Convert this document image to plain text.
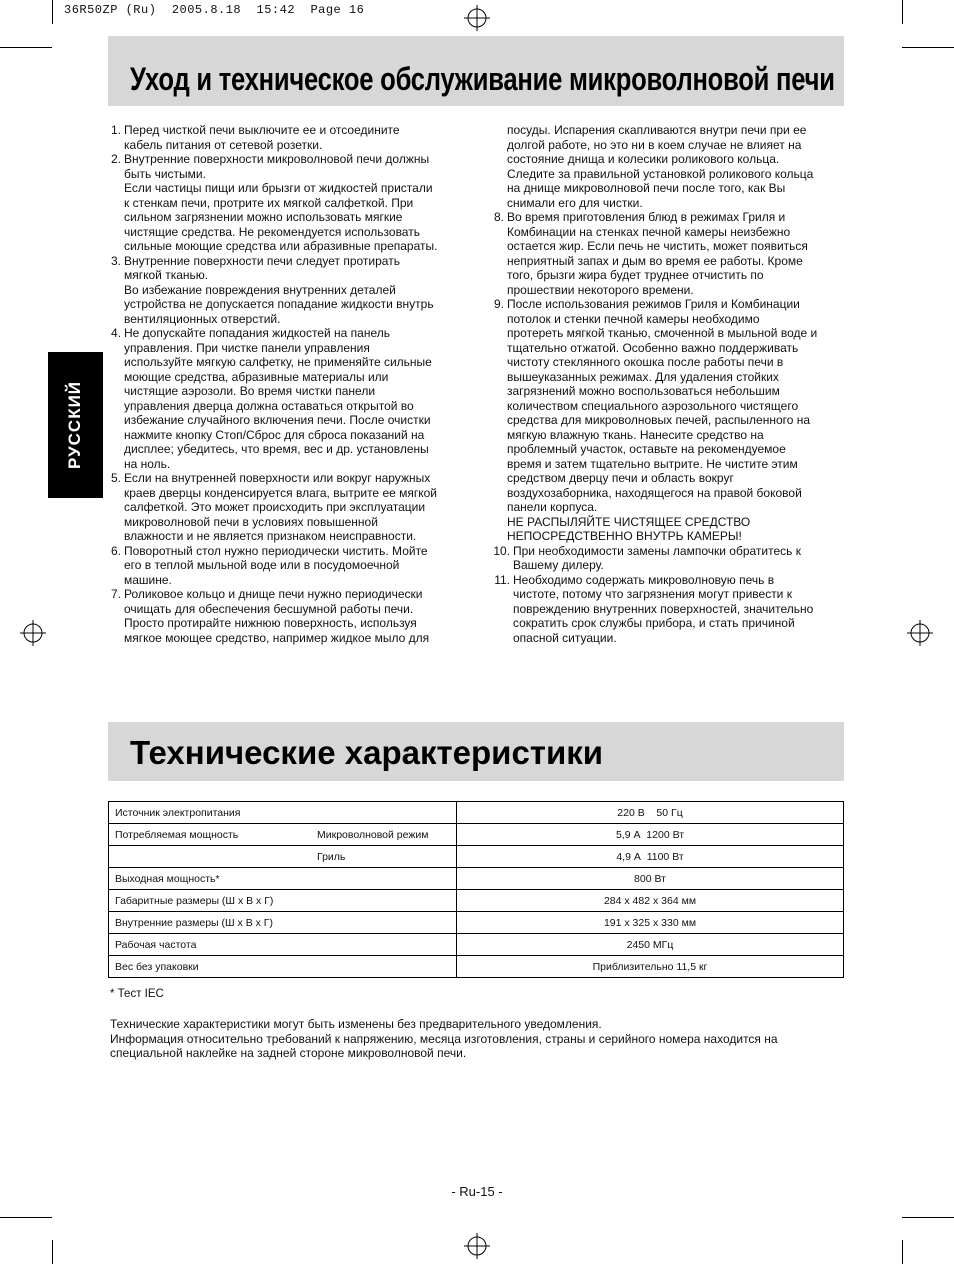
36R50ZP (Ru)  2005.8.18  15:42  Page 16
Уход и техническое обслуживание микроволновой печи
РУССКИЙ
1. Перед чисткой печи выключите ее и отсоедините

кабель питания от сетевой розетки.

2. Внутренние поверхности микроволновой печи должны

быть чистыми.

Если частицы пищи или брызги от жидкостей пристали

к стенкам печи, протрите их мягкой салфеткой. При

сильном загрязнении можно использовать мягкие

чистящие средства. Не рекомендуется использовать

сильные моющие средства или абразивные препараты.

3. Внутренние поверхности печи следует протирать

мягкой тканью.

Во избежание повреждения внутренних деталей

устройства не допускается попадание жидкости внутрь

вентиляционных отверстий.

4. Не допускайте попадания жидкостей на панель

управления. При чистке панели управления

используйте мягкую салфетку, не применяйте сильные

моющие средства, абразивные материалы или

чистящие аэрозоли. Во время чистки панели

управления дверца должна оставаться открытой во

избежание случайного включения печи. После очистки

нажмите кнопку Стоп/Сброс для сброса показаний на

дисплее; убедитесь, что время, вес и др. установлены

на ноль.

5. Если на внутренней поверхности или вокруг наружных

краев дверцы конденсируется влага, вытрите ее мягкой

салфеткой. Это может происходить при эксплуатации

микроволновой печи в условиях повышенной

влажности и не является признаком неисправности.

6. Поворотный стол нужно периодически чистить. Мойте

его в теплой мыльной воде или в посудомоечной

машине.

7. Роликовое кольцо и днище печи нужно периодически

очищать для обеспечения бесшумной работы печи.

Просто протирайте нижнюю поверхность, используя

мягкое моющее средство, например жидкое мыло для

посуды. Испарения скапливаются внутри печи при ее

долгой работе, но это ни в коем случае не влияет на

состояние днища и колесики роликового кольца.

Следите за правильной установкой роликового кольца

на днище микроволновой печи после того, как Вы

снимали его для чистки.

8. Во время приготовления блюд в режимах Гриля и

Комбинации на стенках печной камеры неизбежно

остается жир. Если печь не чистить, может появиться

неприятный запах и дым во время ее работы. Кроме

того, брызги жира будет труднее отчистить по

прошествии некоторого времени.

9. После использования режимов Гриля и Комбинации

потолок и стенки печной камеры необходимо

протереть мягкой тканью, смоченной в мыльной воде и

тщательно отжатой. Особенно важно поддерживать

чистоту стеклянного окошка после работы печи в

вышеуказанных режимах. Для удаления стойких

загрязнений можно воспользоваться небольшим

количеством специального аэрозольного чистящего

средства для микроволновых печей, распыленного на

мягкую влажную ткань. Нанесите средство на

проблемный участок, оставьте на рекомендуемое

время и затем тщательно вытрите. Не чистите этим

средством дверцу печи и область вокруг

воздухозаборника, находящегося на правой боковой

панели корпуса.

НЕ РАСПЫЛЯЙТЕ ЧИСТЯЩЕЕ СРЕДСТВО

НЕПОСРЕДСТВЕННО ВНУТРЬ КАМЕРЫ!

10. При необходимости замены лампочки обратитесь к

Вашему дилеру.

11. Необходимо содержать микроволновую печь в

чистоте, потому что загрязнения могут привести к

повреждению внутренних поверхностей, значительно

сократить срок службы прибора, и стать причиной

опасной ситуации.

Технические характеристики
Источник электропитания	220 В    50 Гц
Потребляемая мощность Микроволновой режим	5,9 А  1200 Вт

Гриль	4,9 А  1100 Вт
Выходная мощность*	800 Вт
Габаритные размеры (Ш x В x Г)	284 x 482 x 364 мм
Внутренние размеры (Ш x В x Г)	191 x 325 x 330 мм
Рабочая частота	2450 МГц
Вес без упаковки	Приблизительно 11,5 кг
* Тест IEC

Технические характеристики могут быть изменены без предварительного уведомления.

Информация относительно требований к напряжению, месяца изготовления, страны и серийного номера находится на

специальной наклейке на задней стороне микроволновой печи.

- Ru-15 -
